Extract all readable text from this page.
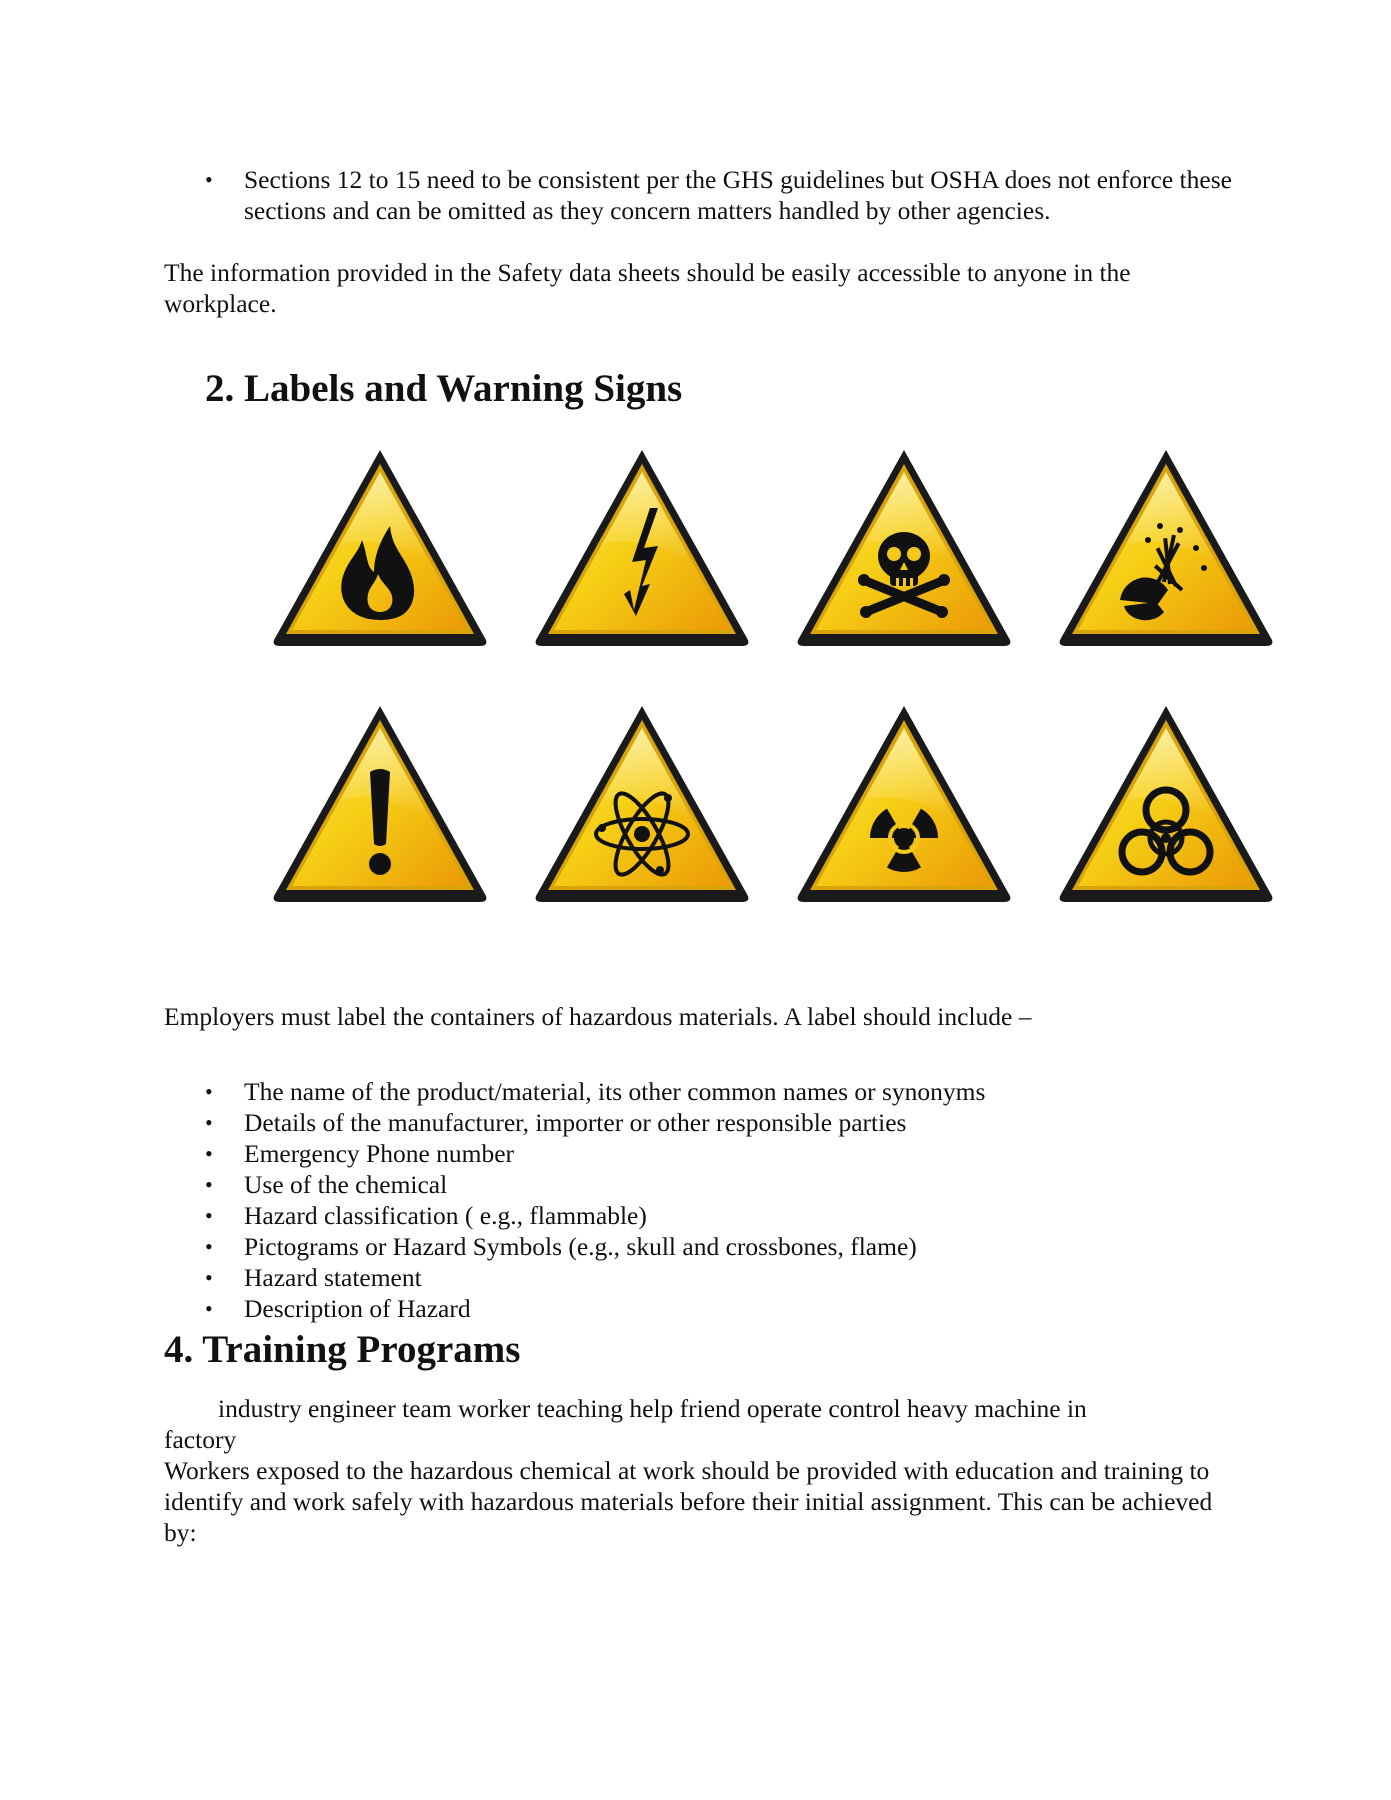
• Sections 12 to 15 need to be consistent per the GHS guidelines but OSHA does not enforce these sections and can be omitted as they concern matters handled by other agencies.

The information provided in the Safety data sheets should be easily accessible to anyone in the workplace.

2. Labels and Warning Signs

Employers must label the containers of hazardous materials. A label should include –

• The name of the product/material, its other common names or synonyms
• Details of the manufacturer, importer or other responsible parties
• Emergency Phone number
• Use of the chemical
• Hazard classification ( e.g., flammable)
• Pictograms or Hazard Symbols (e.g., skull and crossbones, flame)
• Hazard statement
• Description of Hazard
4. Training Programs

industry engineer team worker teaching help friend operate control heavy machine in factory

Workers exposed to the hazardous chemical at work should be provided with education and training to identify and work safely with hazardous materials before their initial assignment. This can be achieved by:
